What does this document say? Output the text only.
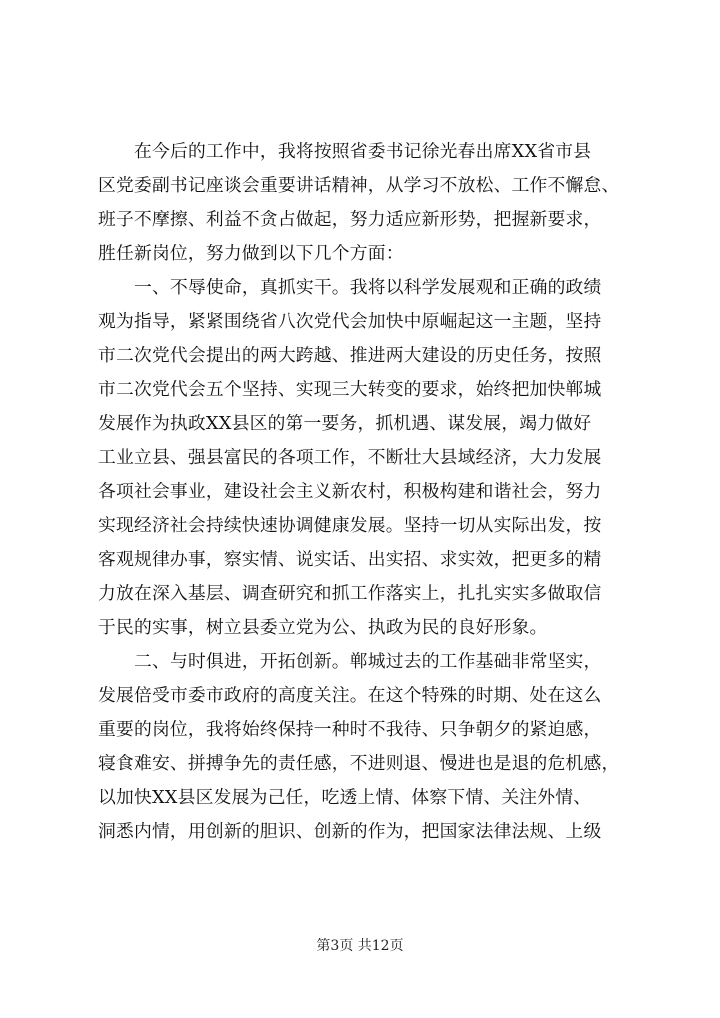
在今后的工作中，我将按照省委书记徐光春出席XX省市县
区党委副书记座谈会重要讲话精神，从学习不放松、工作不懈怠、
班子不摩擦、利益不贪占做起，努力适应新形势，把握新要求，
胜任新岗位，努力做到以下几个方面：
一、不辱使命，真抓实干。我将以科学发展观和正确的政绩
观为指导，紧紧围绕省八次党代会加快中原崛起这一主题，坚持
市二次党代会提出的两大跨越、推进两大建设的历史任务，按照
市二次党代会五个坚持、实现三大转变的要求，始终把加快郸城
发展作为执政XX县区的第一要务，抓机遇、谋发展，竭力做好
工业立县、强县富民的各项工作，不断壮大县域经济，大力发展
各项社会事业，建设社会主义新农村，积极构建和谐社会，努力
实现经济社会持续快速协调健康发展。坚持一切从实际出发，按
客观规律办事，察实情、说实话、出实招、求实效，把更多的精
力放在深入基层、调查研究和抓工作落实上，扎扎实实多做取信
于民的实事，树立县委立党为公、执政为民的良好形象。
二、与时俱进，开拓创新。郸城过去的工作基础非常坚实，
发展倍受市委市政府的高度关注。在这个特殊的时期、处在这么
重要的岗位，我将始终保持一种时不我待、只争朝夕的紧迫感，
寝食难安、拼搏争先的责任感，不进则退、慢进也是退的危机感，
以加快XX县区发展为己任，吃透上情、体察下情、关注外情、
洞悉内情，用创新的胆识、创新的作为，把国家法律法规、上级
第3页 共12页
